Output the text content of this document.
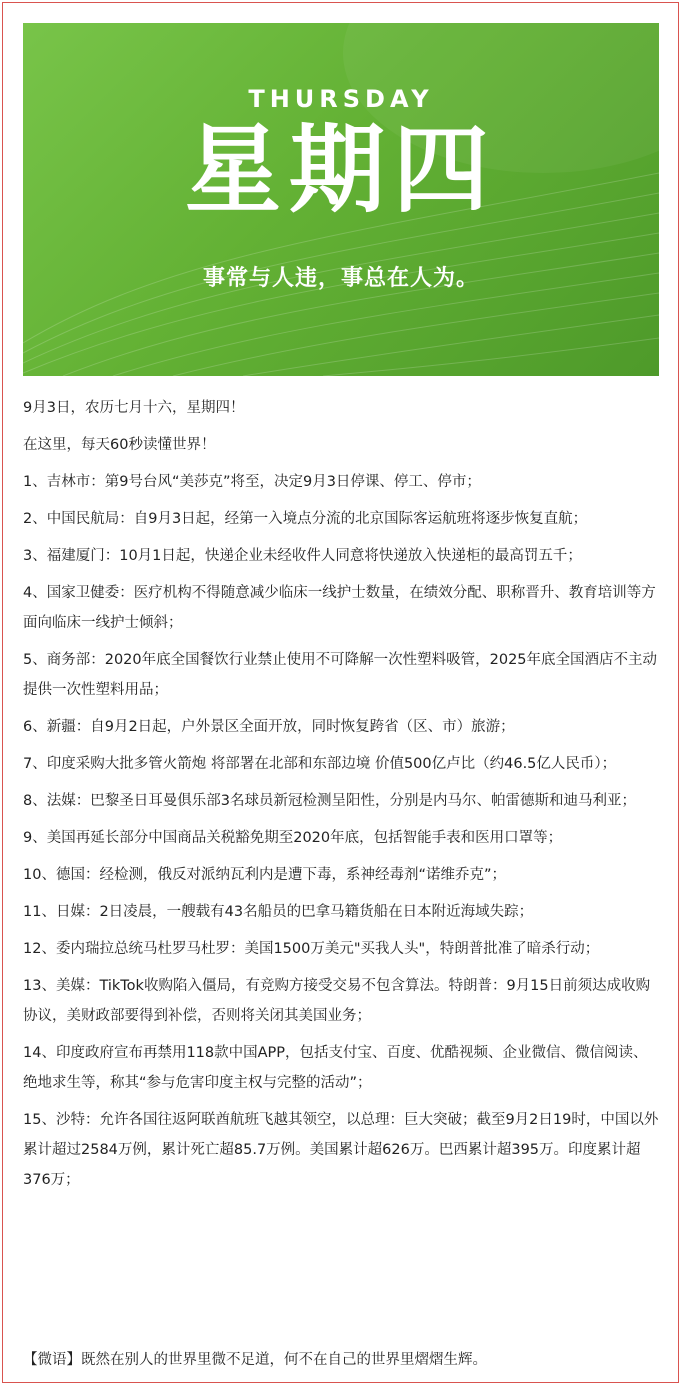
THURSDAY
星期四
事常与人违，事总在人为。

9月3日，农历七月十六，星期四！

在这里，每天60秒读懂世界！

1、吉林市：第9号台风“美莎克”将至，决定9月3日停课、停工、停市；

2、中国民航局：自9月3日起，经第一入境点分流的北京国际客运航班将逐步恢复直航；

3、福建厦门：10月1日起，快递企业未经收件人同意将快递放入快递柜的最高罚五千；

4、国家卫健委：医疗机构不得随意减少临床一线护士数量，在绩效分配、职称晋升、教育培训等方面向临床一线护士倾斜；

5、商务部：2020年底全国餐饮行业禁止使用不可降解一次性塑料吸管，2025年底全国酒店不主动提供一次性塑料用品；

6、新疆：自9月2日起，户外景区全面开放，同时恢复跨省（区、市）旅游；

7、印度采购大批多管火箭炮 将部署在北部和东部边境 价值500亿卢比（约46.5亿人民币）；

8、法媒：巴黎圣日耳曼俱乐部3名球员新冠检测呈阳性，分别是内马尔、帕雷德斯和迪马利亚；

9、美国再延长部分中国商品关税豁免期至2020年底，包括智能手表和医用口罩等；

10、德国：经检测，俄反对派纳瓦利内是遭下毒，系神经毒剂“诺维乔克”；

11、日媒：2日凌晨，一艘载有43名船员的巴拿马籍货船在日本附近海域失踪；

12、委内瑞拉总统马杜罗马杜罗：美国1500万美元"买我人头"，特朗普批准了暗杀行动；

13、美媒：TikTok收购陷入僵局，有竞购方接受交易不包含算法。特朗普：9月15日前须达成收购协议，美财政部要得到补偿，否则将关闭其美国业务；

14、印度政府宣布再禁用118款中国APP，包括支付宝、百度、优酷视频、企业微信、微信阅读、绝地求生等，称其“参与危害印度主权与完整的活动”；

15、沙特：允许各国往返阿联酋航班飞越其领空，以总理：巨大突破；截至9月2日19时，中国以外累计超过2584万例，累计死亡超85.7万例。美国累计超626万。巴西累计超395万。印度累计超376万；

【微语】既然在别人的世界里微不足道，何不在自己的世界里熠熠生辉。
